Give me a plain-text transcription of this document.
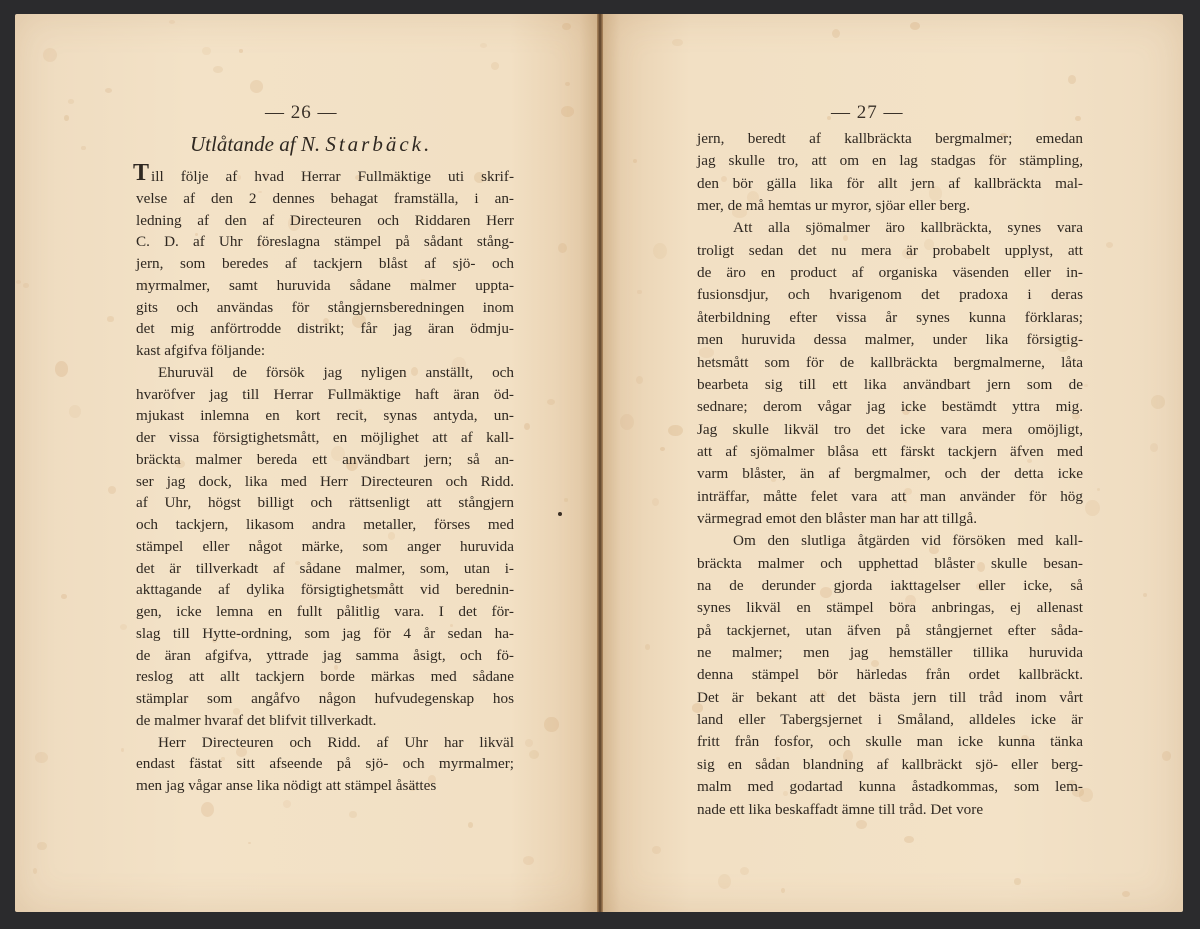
— 26 —
Utlåtande af N. Starbäck.
T ill följe af hvad Herrar Fullmäktige uti skrif-
velse af den 2 dennes behagat framställa, i an-
ledning af den af Directeuren och Riddaren Herr
C. D. af Uhr föreslagna stämpel på sådant stång-
jern, som beredes af tackjern blåst af sjö- och
myrmalmer, samt huruvida sådane malmer uppta-
gits och användas för stångjernsberedningen inom
det mig anförtrodde distrikt; får jag äran ödmju-
kast afgifva följande:
Ehuruväl de försök jag nyligen anställt, och
hvaröfver jag till Herrar Fullmäktige haft äran öd-
mjukast inlemna en kort recit, synas antyda, un-
der vissa försigtighetsmått, en möjlighet att af kall-
bräckta malmer bereda ett användbart jern; så an-
ser jag dock, lika med Herr Directeuren och Ridd.
af Uhr, högst billigt och rättsenligt att stångjern
och tackjern, likasom andra metaller, förses med
stämpel eller något märke, som anger huruvida
det är tillverkadt af sådane malmer, som, utan i-
akttagande af dylika försigtighetsmått vid berednin-
gen, icke lemna en fullt pålitlig vara. I det för-
slag till Hytte-ordning, som jag för 4 år sedan ha-
de äran afgifva, yttrade jag samma åsigt, och fö-
reslog att allt tackjern borde märkas med sådane
stämplar som angåfvo någon hufvudegenskap hos
de malmer hvaraf det blifvit tillverkadt.
Herr Directeuren och Ridd. af Uhr har likväl
endast fästat sitt afseende på sjö- och myrmalmer;
men jag vågar anse lika nödigt att stämpel åsättes
— 27 —
jern, beredt af kallbräckta bergmalmer; emedan
jag skulle tro, att om en lag stadgas för stämpling,
den bör gälla lika för allt jern af kallbräckta mal-
mer, de må hemtas ur myror, sjöar eller berg.
Att alla sjömalmer äro kallbräckta, synes vara
troligt sedan det nu mera är probabelt upplyst, att
de äro en product af organiska väsenden eller in-
fusionsdjur, och hvarigenom det pradoxa i deras
återbildning efter vissa år synes kunna förklaras;
men huruvida dessa malmer, under lika försigtig-
hetsmått som för de kallbräckta bergmalmerne, låta
bearbeta sig till ett lika användbart jern som de
sednare; derom vågar jag icke bestämdt yttra mig.
Jag skulle likväl tro det icke vara mera omöjligt,
att af sjömalmer blåsa ett färskt tackjern äfven med
varm blåster, än af bergmalmer, och der detta icke
inträffar, måtte felet vara att man använder för hög
värmegrad emot den blåster man har att tillgå.
Om den slutliga åtgärden vid försöken med kall-
bräckta malmer och upphettad blåster skulle besan-
na de derunder gjorda iakttagelser eller icke, så
synes likväl en stämpel böra anbringas, ej allenast
på tackjernet, utan äfven på stångjernet efter såda-
ne malmer; men jag hemställer tillika huruvida
denna stämpel bör härledas från ordet kallbräckt.
Det är bekant att det bästa jern till tråd inom vårt
land eller Tabergsjernet i Småland, alldeles icke är
fritt från fosfor, och skulle man icke kunna tänka
sig en sådan blandning af kallbräckt sjö- eller berg-
malm med godartad kunna åstadkommas, som lem-
nade ett lika beskaffadt ämne till tråd. Det vore
